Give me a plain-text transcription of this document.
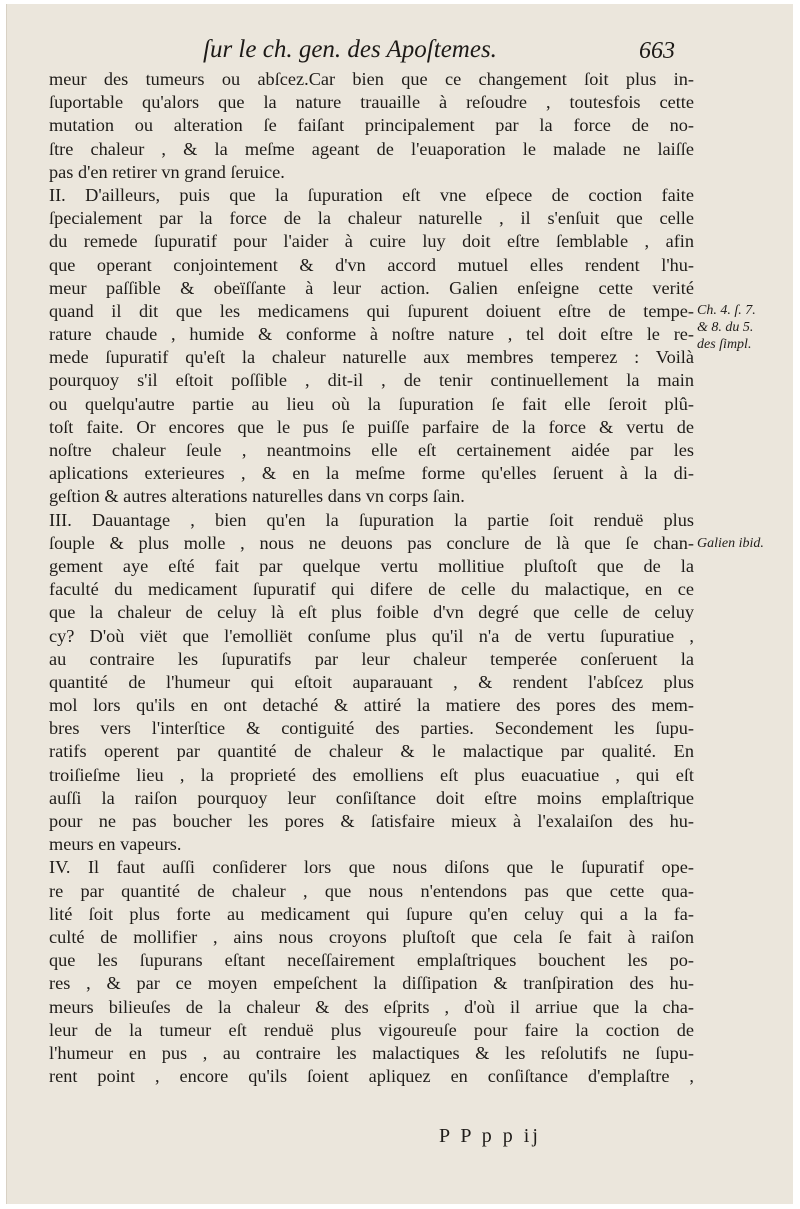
ſur le ch. gen. des Apoſtemes.	663
meur des tumeurs ou abſcez.Car bien que ce changement ſoit plus in-
ſuportable qu'alors que la nature trauaille à reſoudre , toutesfois cette
mutation ou alteration ſe faiſant principalement par la force de no-
ſtre chaleur , & la meſme ageant de l'euaporation le malade ne laiſſe
pas d'en retirer vn grand ſeruice.
II. D'ailleurs, puis que la ſupuration eſt vne eſpece de coction faite
ſpecialement par la force de la chaleur naturelle , il s'enſuit que celle
du remede ſupuratif pour l'aider à cuire luy doit eſtre ſemblable , afin
que operant conjointement & d'vn accord mutuel elles rendent l'hu-
meur paſſible & obeïſſante à leur action. Galien enſeigne cette verité
quand il dit que les medicamens qui ſupurent doiuent eſtre de tempe-
rature chaude , humide & conforme à noſtre nature , tel doit eſtre le re-
mede ſupuratif qu'eſt la chaleur naturelle aux membres temperez : Voilà
pourquoy s'il eſtoit poſſible , dit-il , de tenir continuellement la main
ou quelqu'autre partie au lieu où la ſupuration ſe fait elle ſeroit plû-
toſt faite. Or encores que le pus ſe puiſſe parfaire de la force & vertu de
noſtre chaleur ſeule , neantmoins elle eſt certainement aidée par les
aplications exterieures , & en la meſme forme qu'elles ſeruent à la di-
geſtion & autres alterations naturelles dans vn corps ſain.
III. Dauantage , bien qu'en la ſupuration la partie ſoit renduë plus
ſouple & plus molle , nous ne deuons pas conclure de là que ſe chan-
gement aye eſté fait par quelque vertu mollitiue pluſtoſt que de la
faculté du medicament ſupuratif qui difere de celle du malactique, en ce
que la chaleur de celuy là eſt plus foible d'vn degré que celle de celuy
cy? D'où viët que l'emolliët conſume plus qu'il n'a de vertu ſupuratiue ,
au contraire les ſupuratifs par leur chaleur temperée conſeruent la
quantité de l'humeur qui eſtoit auparauant , & rendent l'abſcez plus
mol lors qu'ils en ont detaché & attiré la matiere des pores des mem-
bres vers l'interſtice & contiguité des parties. Secondement les ſupu-
ratifs operent par quantité de chaleur & le malactique par qualité. En
troiſieſme lieu , la proprieté des emolliens eſt plus euacuatiue , qui eſt
auſſi la raiſon pourquoy leur conſiſtance doit eſtre moins emplaſtrique
pour ne pas boucher les pores & ſatisfaire mieux à l'exalaiſon des hu-
meurs en vapeurs.
IV. Il faut auſſi conſiderer lors que nous diſons que le ſupuratif ope-
re par quantité de chaleur , que nous n'entendons pas que cette qua-
lité ſoit plus forte au medicament qui ſupure qu'en celuy qui a la fa-
culté de mollifier , ains nous croyons pluſtoſt que cela ſe fait à raiſon
que les ſupurans eſtant neceſſairement emplaſtriques bouchent les po-
res , & par ce moyen empeſchent la diſſipation & tranſpiration des hu-
meurs bilieuſes de la chaleur & des eſprits , d'où il arriue que la cha-
leur de la tumeur eſt renduë plus vigoureuſe pour faire la coction de
l'humeur en pus , au contraire les malactiques & les reſolutifs ne ſupu-
rent point , encore qu'ils ſoient apliquez en conſiſtance d'emplaſtre ,
Ch. 4. ſ. 7.
& 8. du 5.
des ſimpl.
Galien ibid.
P P p p ij
